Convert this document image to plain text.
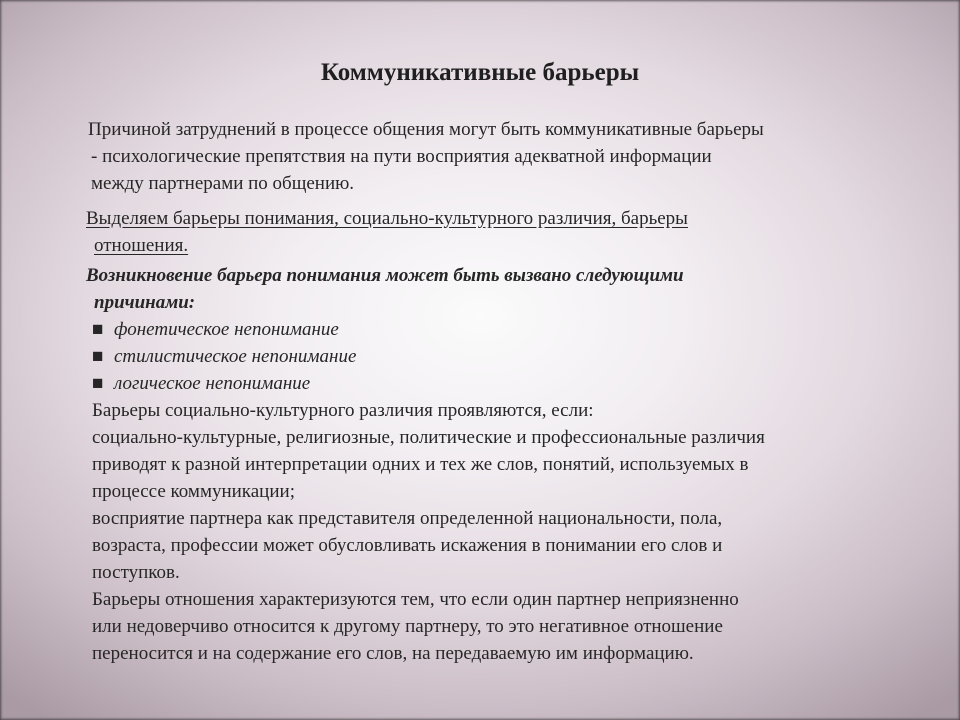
Коммуникативные барьеры

Причиной затруднений в процессе общения могут быть коммуникативные барьеры
- психологические препятствия на пути восприятия адекватной информации
между партнерами по общению.

Выделяем барьеры понимания, социально-культурного различия, барьеры
отношения.

Возникновение барьера понимания может быть вызвано следующими
причинами:

■ фонетическое непонимание
■ стилистическое непонимание
■ логическое непонимание
Барьеры социально-культурного различия проявляются, если:
социально-культурные, религиозные, политические и профессиональные различия
приводят к разной интерпретации одних и тех же слов, понятий, используемых в
процессе коммуникации;
восприятие партнера как представителя определенной национальности, пола,
возраста, профессии может обусловливать искажения в понимании его слов и
поступков.
Барьеры отношения характеризуются тем, что если один партнер неприязненно
или недоверчиво относится к другому партнеру, то это негативное отношение
переносится и на содержание его слов, на передаваемую им информацию.
